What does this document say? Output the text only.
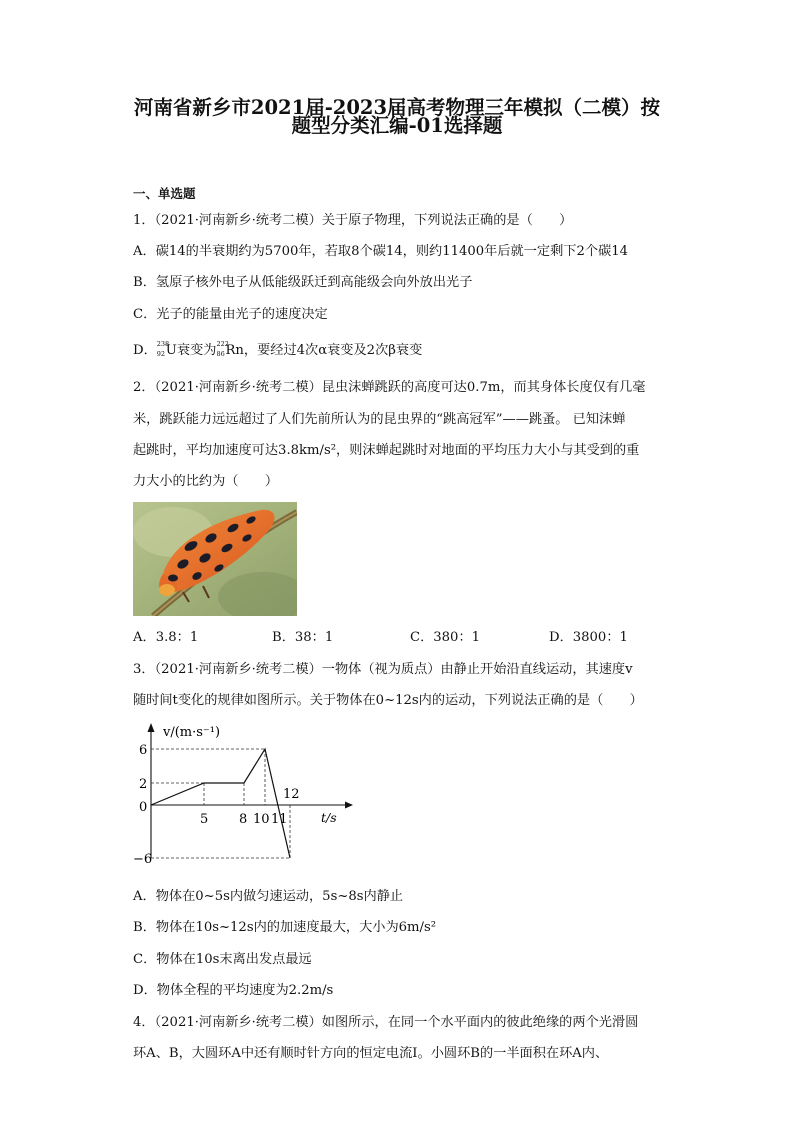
河南省新乡市2021届-2023届高考物理三年模拟（二模）按
题型分类汇编-01选择题
一、单选题
1．（2021·河南新乡·统考二模）关于原子物理，下列说法正确的是（　　）
A．碳14的半衰期约为5700年，若取8个碳14，则约11400年后就一定剩下2个碳14
B．氢原子核外电子从低能级跃迁到高能级会向外放出光子
C．光子的能量由光子的速度决定
D． 238
92 U衰变为 222
86 Rn，要经过4次α衰变及2次β衰变
2．（2021·河南新乡·统考二模）昆虫沫蝉跳跃的高度可达0.7m，而其身体长度仅有几毫
米，跳跃能力远远超过了人们先前所认为的昆虫界的“跳高冠军”——跳蚤。 已知沫蝉
起跳时，平均加速度可达3.8km/s²，则沫蝉起跳时对地面的平均压力大小与其受到的重
力大小的比约为（　　）
A．3.8：1	B．38：1	C．380：1	D．3800：1
3．（2021·河南新乡·统考二模）一物体（视为质点）由静止开始沿直线运动，其速度v
随时间t变化的规律如图所示。关于物体在0~12s内的运动，下列说法正确的是（　　）
v/(m·s⁻¹)
t/s
6
2
0
−6
5 8 10 11
12
A．物体在0~5s内做匀速运动，5s~8s内静止
B．物体在10s~12s内的加速度最大，大小为6m/s²
C．物体在10s末离出发点最远
D．物体全程的平均速度为2.2m/s
4．（2021·河南新乡·统考二模）如图所示，在同一个水平面内的彼此绝缘的两个光滑圆
环A、B，大圆环A中还有顺时针方向的恒定电流I。小圆环B的一半面积在环A内、
